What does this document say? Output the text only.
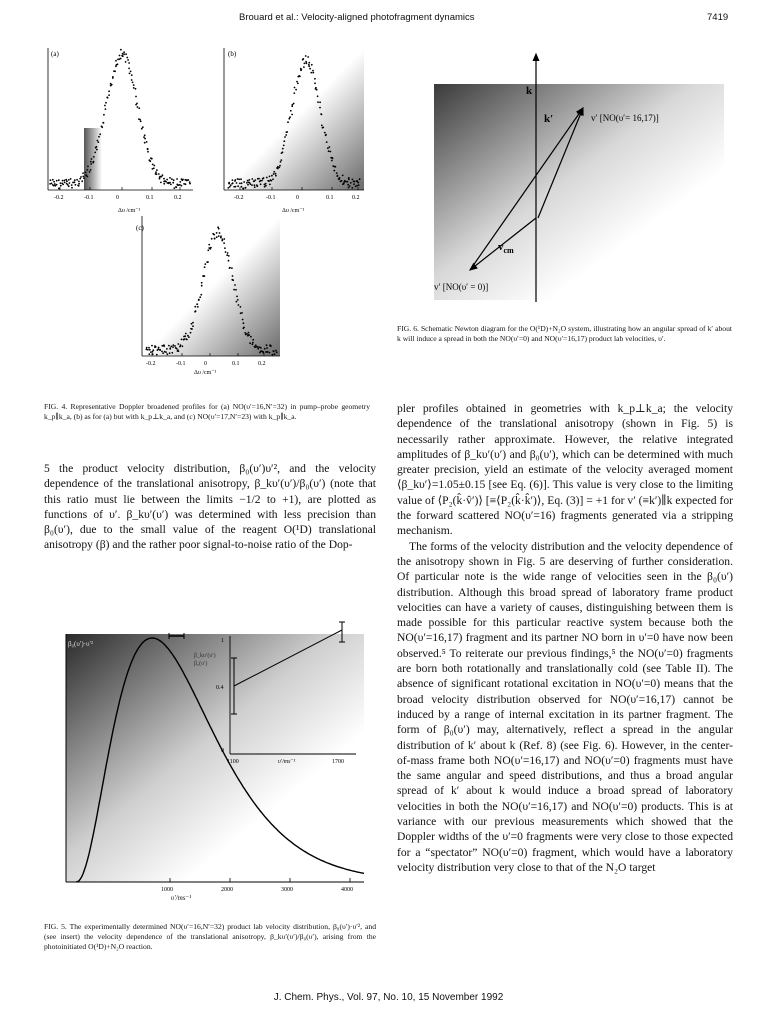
Brouard et al.: Velocity-aligned photofragment dynamics	7419
(a)
-0.2	-0.1	0	0.1	0.2
Δυ /cm⁻¹
(b)
-0.2	-0.1	0	0.1	0.2
Δυ /cm⁻¹
(c)
-0.2	-0.1	0	0.1	0.2
Δυ /cm⁻¹
FIG. 4. Representative Doppler broadened profiles for (a) NO(υ′=16,N′=32) in pump–probe geometry k_p∥k_a, (b) as for (a) but with k_p⊥k_a, and (c) NO(υ′=17,N′=23) with k_p∥k_a.
k
k′	v′ [NO(υ′= 16,17)]
$v_{cm}$
v′ [NO(υ′ = 0)]
FIG. 6. Schematic Newton diagram for the O(¹D)+N₂O system, illustrating how an angular spread of k′ about k will induce a spread in both the NO(υ′=0) and NO(υ′=16,17) product lab velocities, υ′.

5 the product velocity distribution, β₀(υ′)υ′², and the velocity dependence of the translational anisotropy, β_kυ′(υ′)/β₀(υ′) (note that this ratio must lie between the limits −1/2 to +1), are plotted as functions of υ′. β_kυ′(υ′) was determined with less precision than β₀(υ′), due to the small value of the reagent O(¹D) translational anisotropy (β) and the rather poor signal-to-noise ratio of the Dop-

β₀(υ′)·υ′²
1000	2000	3000	4000
β_kυ′(υ′)
β₀(υ′)
1
0.4
0
1100	1700
υ′/ms⁻¹
υ′/ms⁻¹
FIG. 5. The experimentally determined NO(υ′=16,N′=32) product lab velocity distribution, β₀(υ′)·υ′², and (see insert) the velocity dependence of the translational anisotropy, β_kυ′(υ′)/β₀(υ′), arising from the photoinitiated O(¹D)+N₂O reaction.

pler profiles obtained in geometries with k_p⊥k_a; the velocity dependence of the translational anisotropy (shown in Fig. 5) is necessarily rather approximate. However, the relative integrated amplitudes of β_kυ′(υ′) and β₀(υ′), which can be determined with much greater precision, yield an estimate of the velocity averaged moment ⟨β_kυ′⟩=1.05±0.15 [see Eq. (6)]. This value is very close to the limiting value of ⟨P₂(k̂·v̂′)⟩ [≡⟨P₂(k̂·k̂′)⟩, Eq. (3)] = +1 for v′ (≡k′)∥k expected for the forward scattered NO(υ′=16) fragments generated via a stripping mechanism.

The forms of the velocity distribution and the velocity dependence of the anisotropy shown in Fig. 5 are deserving of further consideration. Of particular note is the wide range of velocities seen in the β₀(υ′) distribution. Although this broad spread of laboratory frame product velocities can have a variety of causes, distinguishing between them is made possible for this particular reactive system because both the NO(υ′=16,17) fragment and its partner NO born in υ′=0 have now been observed.⁵ To reiterate our previous findings,⁵ the NO(υ′=0) fragments are born both rotationally and translationally cold (see Table II). The absence of significant rotational excitation in NO(υ′=0) means that the broad velocity distribution observed for NO(υ′=16,17) cannot be induced by a range of internal excitation in its partner fragment. The form of β₀(υ′) may, alternatively, reflect a spread in the angular distribution of k′ about k (Ref. 8) (see Fig. 6). However, in the center-of-mass frame both NO(υ′=16,17) and NO(υ′=0) fragments must have the same angular and speed distributions, and thus a broad angular spread of k′ about k would induce a broad spread of laboratory velocities in both the NO(υ′=16,17) and NO(υ′=0) products. This is at variance with our previous measurements which showed that the Doppler widths of the υ′=0 fragments were very close to those expected for a “spectator” NO(υ′=0) fragment, which would have a laboratory velocity distribution very close to that of the N₂O target

J. Chem. Phys., Vol. 97, No. 10, 15 November 1992
